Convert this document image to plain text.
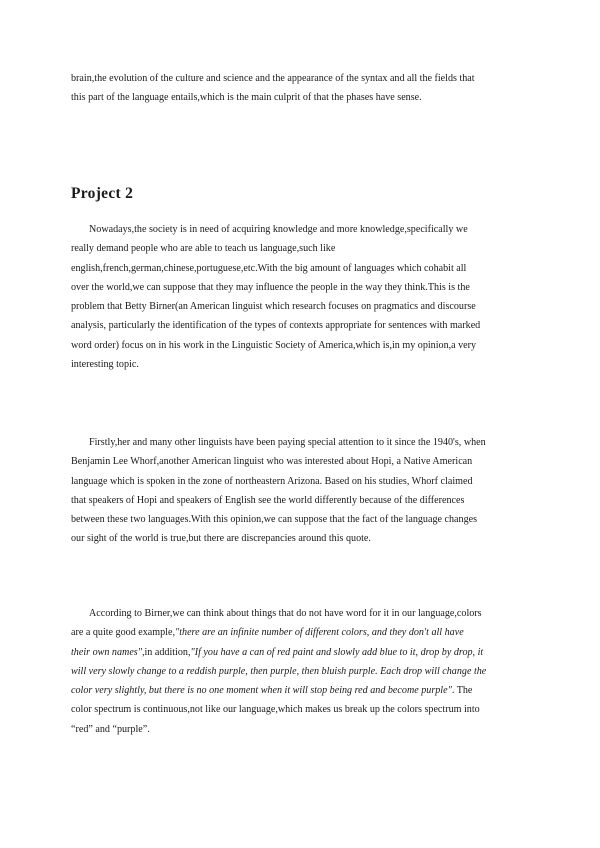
brain,the evolution of the culture and science and the appearance of the syntax and all the fields that
this part of the language entails,which is the main culprit of that the phases have sense.

Project 2

Nowadays,the society is in need of acquiring knowledge and more knowledge,specifically we
really demand people who are able to teach us language,such like
english,french,german,chinese,portuguese,etc.With the big amount of languages which cohabit all
over the world,we can suppose that they may influence the people in the way they think.This is the
problem that Betty Birner(an American linguist which research focuses on pragmatics and discourse
analysis, particularly the identification of the types of contexts appropriate for sentences with marked
word order) focus on in his work in the Linguistic Society of America,which is,in my opinion,a very
interesting topic.

Firstly,her and many other linguists have been paying special attention to it since the 1940's, when
Benjamin Lee Whorf,another American linguist who was interested about Hopi, a Native American
language which is spoken in the zone of northeastern Arizona. Based on his studies, Whorf claimed
that speakers of Hopi and speakers of English see the world differently because of the differences
between these two languages.With this opinion,we can suppose that the fact of the language changes
our sight of the world is true,but there are discrepancies around this quote.

According to Birner,we can think about things that do not have word for it in our language,colors
are a quite good example,"there are an infinite number of different colors, and they don't all have
their own names",in addition,"If you have a can of red paint and slowly add blue to it, drop by drop, it
will very slowly change to a reddish purple, then purple, then bluish purple. Each drop will change the
color very slightly, but there is no one moment when it will stop being red and become purple". The
color spectrum is continuous,not like our language,which makes us break up the colors spectrum into
“red” and “purple”.
